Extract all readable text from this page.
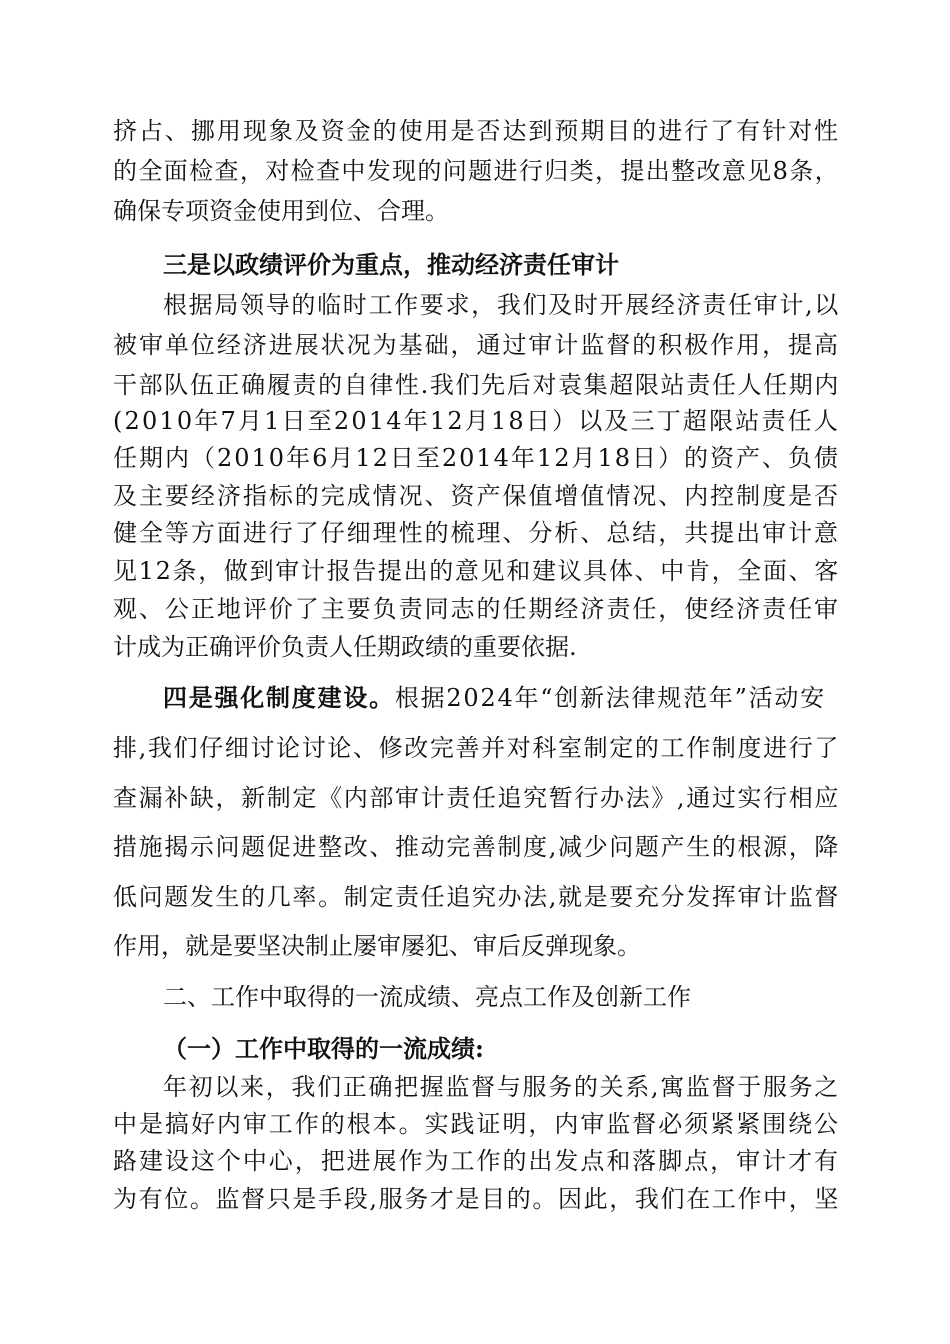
挤占、挪用现象及资金的使用是否达到预期目的进行了有针对性
的全面检查，对检查中发现的问题进行归类，提出整改意见8条，
确保专项资金使用到位、合理。
三是以政绩评价为重点，推动经济责任审计
根据局领导的临时工作要求，我们及时开展经济责任审计,以
被审单位经济进展状况为基础，通过审计监督的积极作用，提高
干部队伍正确履责的自律性.我们先后对袁集超限站责任人任期内
(2010年7月1日至2014年12月18日）以及三丁超限站责任人
任期内（2010年6月12日至2014年12月18日）的资产、负债
及主要经济指标的完成情况、资产保值增值情况、内控制度是否
健全等方面进行了仔细理性的梳理、分析、总结，共提出审计意
见12条，做到审计报告提出的意见和建议具体、中肯，全面、客
观、公正地评价了主要负责同志的任期经济责任，使经济责任审
计成为正确评价负责人任期政绩的重要依据.
四是强化制度建设。根据2024年“创新法律规范年”活动安
排,我们仔细讨论讨论、修改完善并对科室制定的工作制度进行了
查漏补缺，新制定《内部审计责任追究暂行办法》,通过实行相应
措施揭示问题促进整改、推动完善制度,减少问题产生的根源，降
低问题发生的几率。制定责任追究办法,就是要充分发挥审计监督
作用，就是要坚决制止屡审屡犯、审后反弹现象。
二、工作中取得的一流成绩、亮点工作及创新工作
（一）工作中取得的一流成绩:
年初以来，我们正确把握监督与服务的关系,寓监督于服务之
中是搞好内审工作的根本。实践证明，内审监督必须紧紧围绕公
路建设这个中心，把进展作为工作的出发点和落脚点，审计才有
为有位。监督只是手段,服务才是目的。因此，我们在工作中，坚
